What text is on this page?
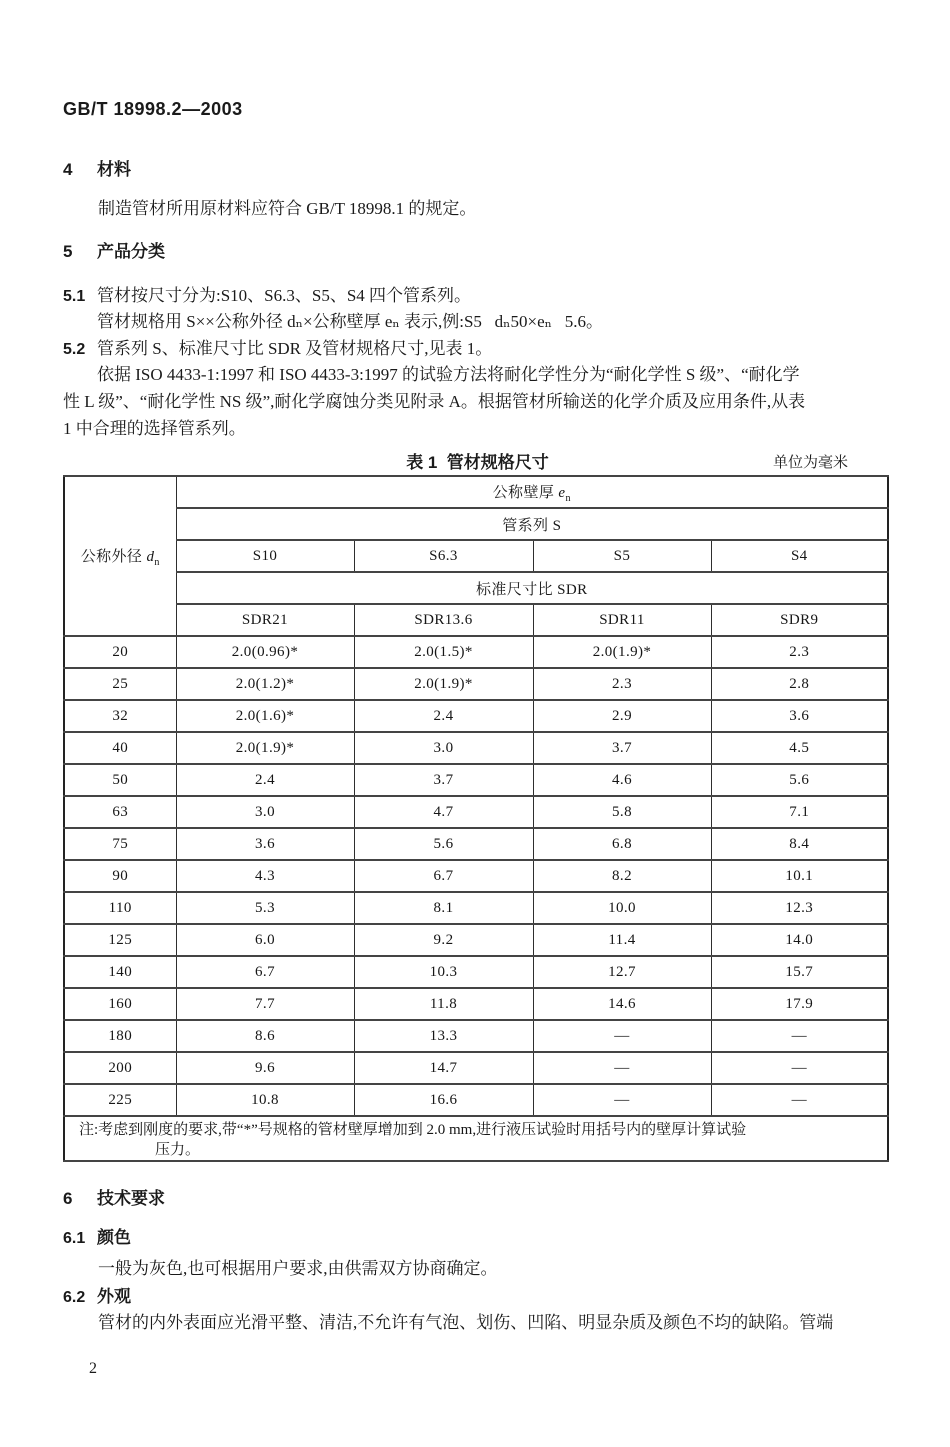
GB/T 18998.2—2003
4 材料
制造管材所用原材料应符合 GB/T 18998.1 的规定。
5 产品分类
5.1 管材按尺寸分为:S10、S6.3、S5、S4 四个管系列。
管材规格用 S××公称外径 dₙ×公称壁厚 eₙ 表示,例:S5   dₙ50×eₙ   5.6。
5.2 管系列 S、标准尺寸比 SDR 及管材规格尺寸,见表 1。
依据 ISO 4433-1:1997 和 ISO 4433-3:1997 的试验方法将耐化学性分为“耐化学性 S 级”、“耐化学
性 L 级”、“耐化学性 NS 级”,耐化学腐蚀分类见附录 A。根据管材所输送的化学介质及应用条件,从表
1 中合理的选择管系列。
表 1  管材规格尺寸	单位为毫米
公称外径 $d_n$	公称壁厚 $e_n$
	管系列 S			
	S10	S6.3	S5	S4
	标准尺寸比 SDR			
	SDR21	SDR13.6	SDR11	SDR9
20	2.0(0.96)*	2.0(1.5)*	2.0(1.9)*	2.3
25	2.0(1.2)*	2.0(1.9)*	2.3	2.8
32	2.0(1.6)*	2.4	2.9	3.6
40	2.0(1.9)*	3.0	3.7	4.5
50	2.4	3.7	4.6	5.6
63	3.0	4.7	5.8	7.1
75	3.6	5.6	6.8	8.4
90	4.3	6.7	8.2	10.1
110	5.3	8.1	10.0	12.3
125	6.0	9.2	11.4	14.0
140	6.7	10.3	12.7	15.7
160	7.7	11.8	14.6	17.9
180	8.6	13.3	—	—
200	9.6	14.7	—	—
225	10.8	16.6	—	—

注:考虑到刚度的要求,带“*”号规格的管材壁厚增加到 2.0 mm,进行液压试验时用括号内的壁厚计算试验
压力。				
6 技术要求
6.1 颜色
一般为灰色,也可根据用户要求,由供需双方协商确定。
6.2 外观
管材的内外表面应光滑平整、清洁,不允许有气泡、划伤、凹陷、明显杂质及颜色不均的缺陷。管端
2
